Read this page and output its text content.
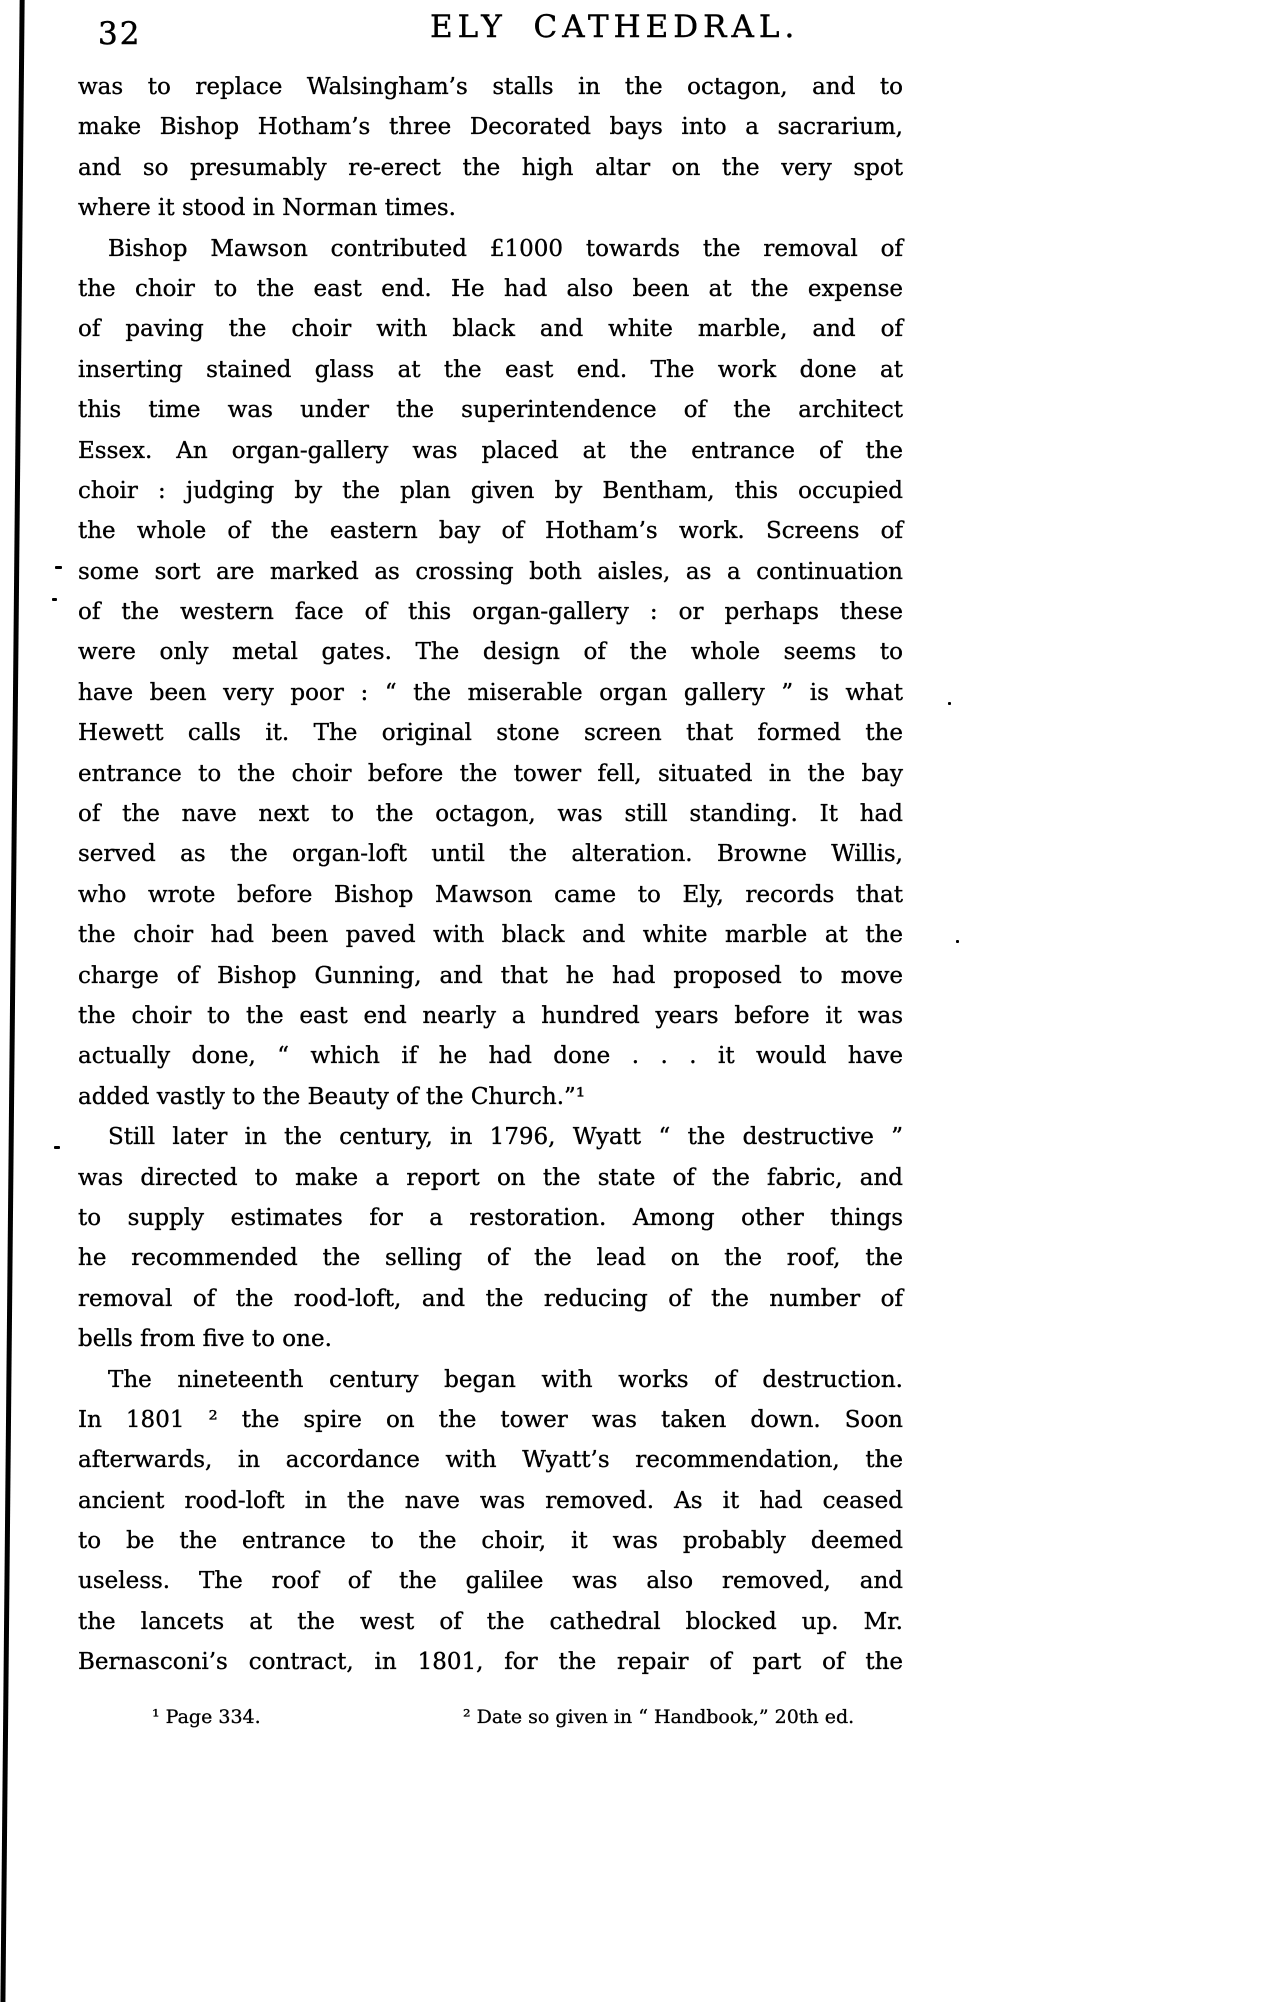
32	ELY CATHEDRAL.
was to replace Walsingham’s stalls in the octagon, and to
make Bishop Hotham’s three Decorated bays into a sacrarium,
and so presumably re-erect the high altar on the very spot
where it stood in Norman times.
Bishop Mawson contributed £1000 towards the removal of
the choir to the east end. He had also been at the expense
of paving the choir with black and white marble, and of
inserting stained glass at the east end. The work done at
this time was under the superintendence of the architect
Essex. An organ-gallery was placed at the entrance of the
choir : judging by the plan given by Bentham, this occupied
the whole of the eastern bay of Hotham’s work. Screens of
some sort are marked as crossing both aisles, as a continuation
of the western face of this organ-gallery : or perhaps these
were only metal gates. The design of the whole seems to
have been very poor : “ the miserable organ gallery ” is what
Hewett calls it. The original stone screen that formed the
entrance to the choir before the tower fell, situated in the bay
of the nave next to the octagon, was still standing. It had
served as the organ-loft until the alteration. Browne Willis,
who wrote before Bishop Mawson came to Ely, records that
the choir had been paved with black and white marble at the
charge of Bishop Gunning, and that he had proposed to move
the choir to the east end nearly a hundred years before it was
actually done, “ which if he had done . . . it would have
added vastly to the Beauty of the Church.”¹
Still later in the century, in 1796, Wyatt “ the destructive ”
was directed to make a report on the state of the fabric, and
to supply estimates for a restoration. Among other things
he recommended the selling of the lead on the roof, the
removal of the rood-loft, and the reducing of the number of
bells from five to one.
The nineteenth century began with works of destruction.
In 1801 ² the spire on the tower was taken down. Soon
afterwards, in accordance with Wyatt’s recommendation, the
ancient rood-loft in the nave was removed. As it had ceased
to be the entrance to the choir, it was probably deemed
useless. The roof of the galilee was also removed, and
the lancets at the west of the cathedral blocked up. Mr.
Bernasconi’s contract, in 1801, for the repair of part of the
¹ Page 334.	² Date so given in “ Handbook,” 20th ed.
